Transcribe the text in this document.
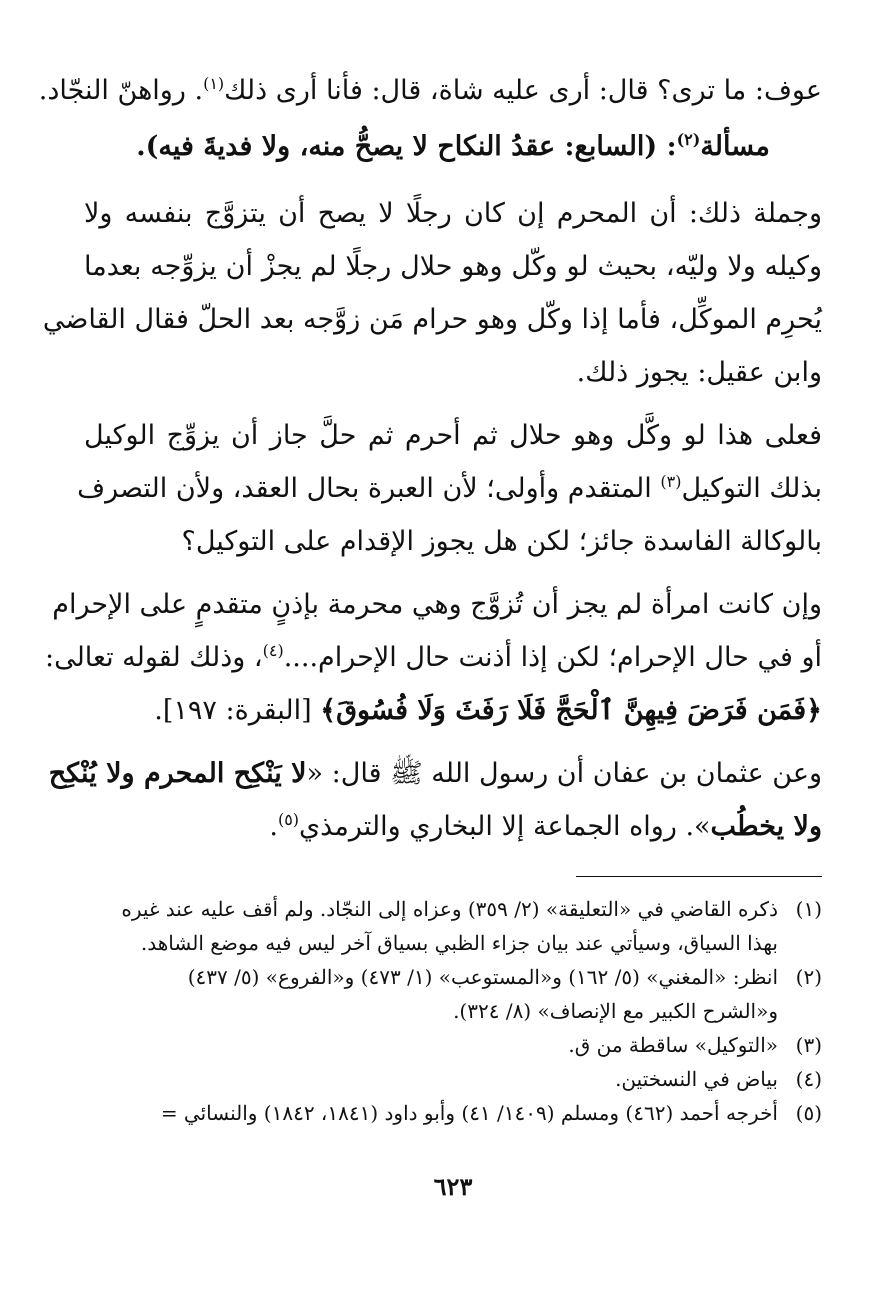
عوف: ما ترى؟ قال: أرى عليه شاة، قال: فأنا أرى ذلك$^{(١)}$. رواهنّ النجّاد.
مسألة$^{(٢)}$: (السابع: عقدُ النكاح لا يصحُّ منه، ولا فديةَ فيه).
وجملة ذلك: أن المحرم إن كان رجلًا لا يصح أن يتزوَّج بنفسه ولا
وكيله ولا وليّه، بحيث لو وكّل وهو حلال رجلًا لم يجزْ أن يزوِّجه بعدما
يُحرِم الموكِّل، فأما إذا وكّل وهو حرام مَن زوَّجه بعد الحلّ فقال القاضي
وابن عقيل: يجوز ذلك.
فعلى هذا لو وكَّل وهو حلال ثم أحرم ثم حلَّ جاز أن يزوِّج الوكيل
بذلك التوكيل$^{(٣)}$ المتقدم وأولى؛ لأن العبرة بحال العقد، ولأن التصرف
بالوكالة الفاسدة جائز؛ لكن هل يجوز الإقدام على التوكيل؟
وإن كانت امرأة لم يجز أن تُزوَّج وهي محرمة بإذنٍ متقدمٍ على الإحرام
أو في حال الإحرام؛ لكن إذا أذنت حال الإحرام....$^{(٤)}$، وذلك لقوله تعالى:
﴿فَمَن فَرَضَ فِيهِنَّ ٱلْحَجَّ فَلَا رَفَثَ وَلَا فُسُوقَ﴾ [البقرة: ١٩٧].
وعن عثمان بن عفان أن رسول الله ﷺ قال: «لا يَنْكِح المحرم ولا يُنْكِح
ولا يخطُب». رواه الجماعة إلا البخاري والترمذي$^{(٥)}$.
(١)ذكره القاضي في «التعليقة» (٢/ ٣٥٩) وعزاه إلى النجّاد. ولم أقف عليه عند غيره
بهذا السياق، وسيأتي عند بيان جزاء الظبي بسياق آخر ليس فيه موضع الشاهد.
(٢)انظر: «المغني» (٥/ ١٦٢) و«المستوعب» (١/ ٤٧٣) و«الفروع» (٥/ ٤٣٧)
و«الشرح الكبير مع الإنصاف» (٨/ ٣٢٤).
(٣)«التوكيل» ساقطة من ق.
(٤)بياض في النسختين.
(٥)أخرجه أحمد (٤٦٢) ومسلم (١٤٠٩/ ٤١) وأبو داود (١٨٤١، ١٨٤٢) والنسائي =
٦٢٣
